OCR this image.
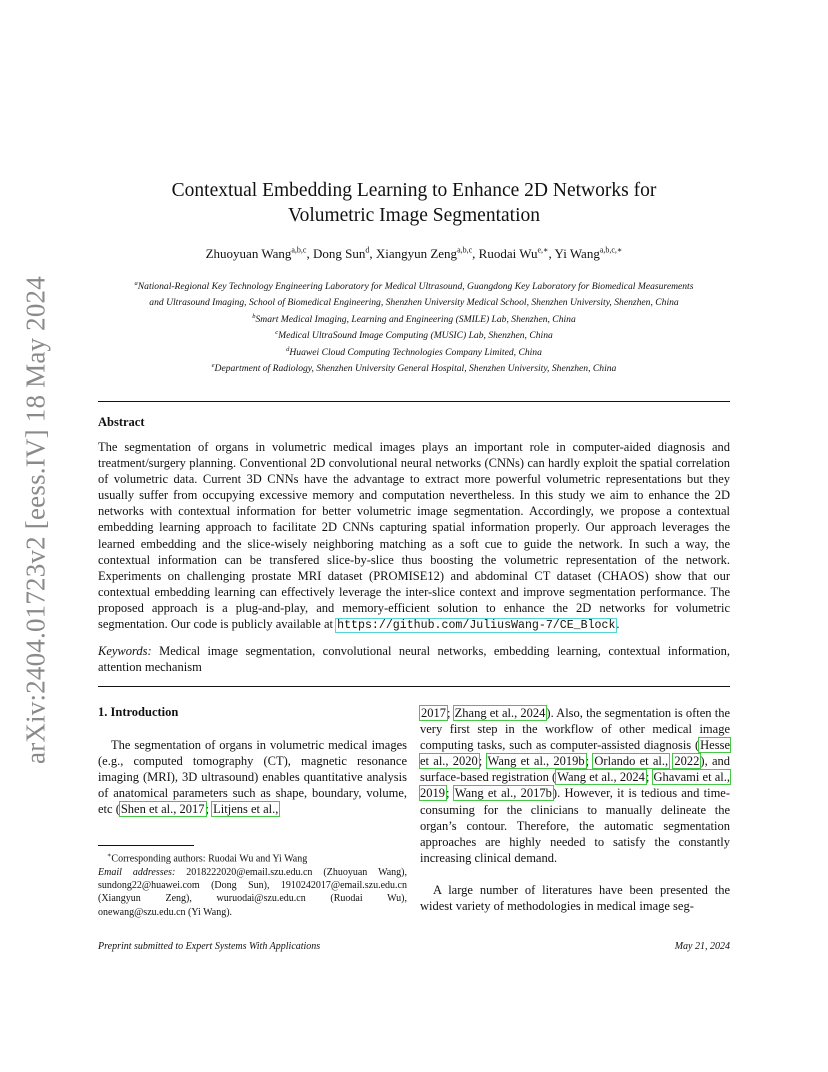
arXiv:2404.01723v2 [eess.IV] 18 May 2024
Contextual Embedding Learning to Enhance 2D Networks for
Volumetric Image Segmentation
Zhuoyuan Wang$^{a,b,c}$, Dong Sun$^d$, Xiangyun Zeng$^{a,b,c}$, Ruodai $Wu^{e,∗}$, Yi Wang$^{a,b,c,∗}$
$^a$National-Regional Key Technology Engineering Laboratory for Medical Ultrasound, Guangdong Key Laboratory for Biomedical Measurements
and Ultrasound Imaging, School of Biomedical Engineering, Shenzhen University Medical School, Shenzhen University, Shenzhen, China
$^b$Smart Medical Imaging, Learning and Engineering (SMILE) Lab, Shenzhen, China
$^c$Medical UltraSound Image Computing (MUSIC) Lab, Shenzhen, China
$^d$Huawei Cloud Computing Technologies Company Limited, China
$^e$Department of Radiology, Shenzhen University General Hospital, Shenzhen University, Shenzhen, China
Abstract
The segmentation of organs in volumetric medical images plays an important role in computer-aided diagnosis and treatment/surgery planning. Conventional 2D convolutional neural networks (CNNs) can hardly exploit the spatial correlation of volumetric data. Current 3D CNNs have the advantage to extract more powerful volumetric representations but they usually suffer from occupying excessive memory and computation nevertheless. In this study we aim to enhance the 2D networks with contextual information for better volumetric image segmentation. Accordingly, we propose a contextual embedding learning approach to facilitate 2D CNNs capturing spatial information properly. Our approach leverages the learned embedding and the slice-wisely neighboring matching as a soft cue to guide the network. In such a way, the contextual information can be transfered slice-by-slice thus boosting the volumetric representation of the network. Experiments on challenging prostate MRI dataset (PROMISE12) and abdominal CT dataset (CHAOS) show that our contextual embedding learning can effectively leverage the inter-slice context and improve segmentation performance. The proposed approach is a plug-and-play, and memory-efficient solution to enhance the 2D networks for volumetric segmentation. Our code is publicly available at https://github.com/JuliusWang-7/CE_Block.
Keywords: Medical image segmentation, convolutional neural networks, embedding learning, contextual information, attention mechanism
1. Introduction
The segmentation of organs in volumetric medical images (e.g., computed tomography (CT), magnetic resonance imaging (MRI), 3D ultrasound) enables quantitative analysis of anatomical parameters such as shape, boundary, volume, etc (Shen et al., 2017; Litjens et al.,
2017; Zhang et al., 2024). Also, the segmentation is often the very first step in the workflow of other medical image computing tasks, such as computer-assisted diagnosis (Hesse et al., 2020; Wang et al., 2019b; Orlando et al., 2022), and surface-based registration (Wang et al., 2024; Ghavami et al., 2019; Wang et al., 2017b). However, it is tedious and time-consuming for the clinicians to manually delineate the organ’s contour. Therefore, the automatic segmentation approaches are highly needed to satisfy the constantly increasing clinical demand.
A large number of literatures have been presented the widest variety of methodologies in medical image seg-
∗Corresponding authors: Ruodai Wu and Yi Wang
Email addresses: 2018222020@email.szu.edu.cn (Zhuoyuan Wang), sundong22@huawei.com (Dong Sun), 1910242017@email.szu.edu.cn (Xiangyun Zeng), wuruodai@szu.edu.cn (Ruodai Wu), onewang@szu.edu.cn (Yi Wang).
Preprint submitted to Expert Systems With Applications	May 21, 2024
